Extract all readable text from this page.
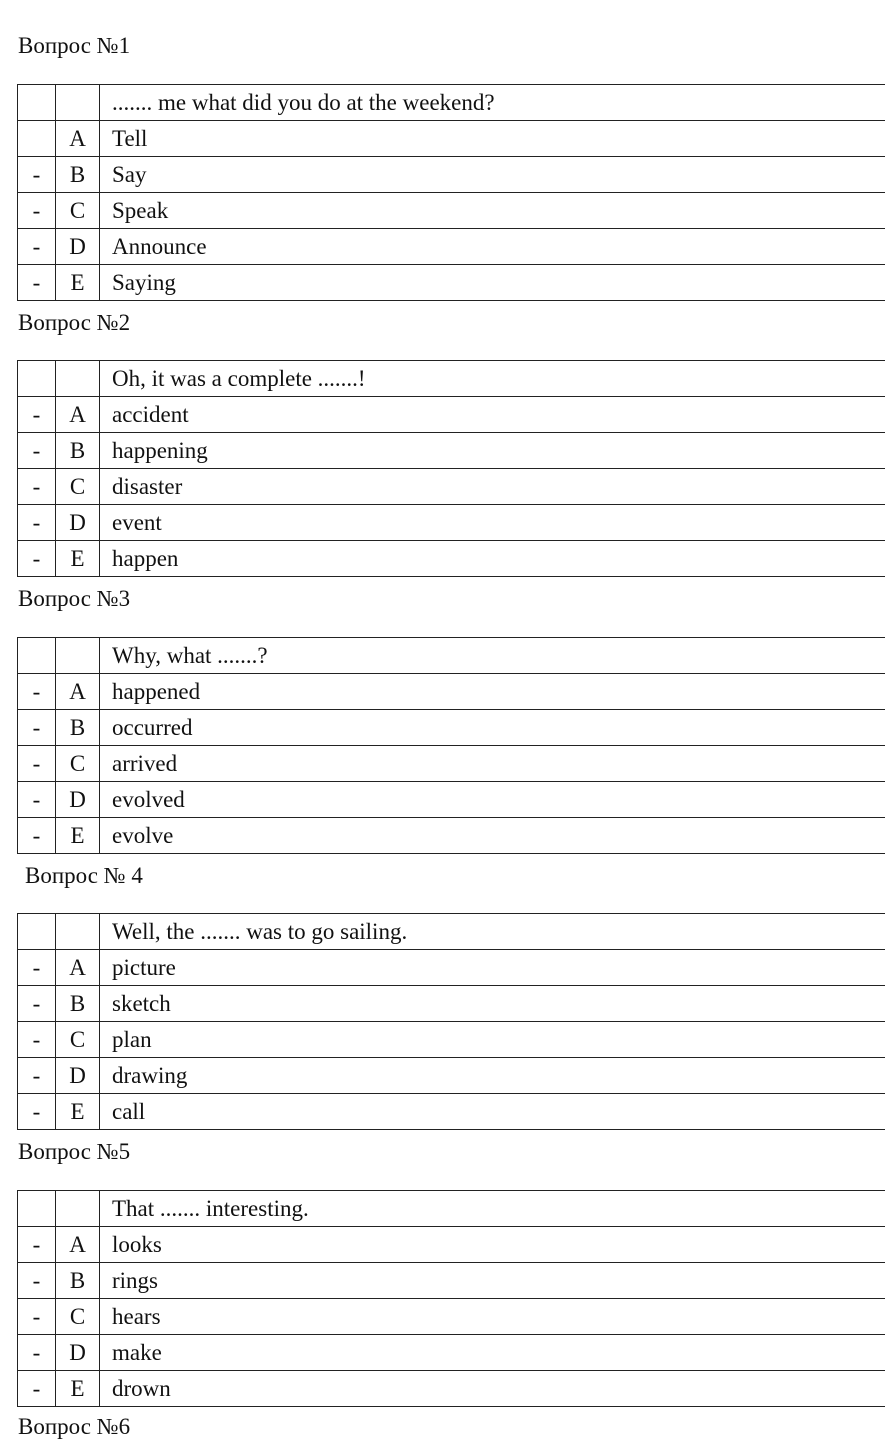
Вопрос №1
		....... me what did you do at the weekend?
	A	Tell
-	B	Say
-	C	Speak
-	D	Announce
-	E	Saying
Вопрос №2
		Oh, it was a complete .......!
-	A	accident
-	B	happening
-	C	disaster
-	D	event
-	E	happen
Вопрос №3
		Why, what .......?
-	A	happened
-	B	occurred
-	C	arrived
-	D	evolved
-	E	evolve
Вопрос № 4
		Well, the ....... was to go sailing.
-	A	picture
-	B	sketch
-	C	plan
-	D	drawing
-	E	call
Вопрос №5
		That ....... interesting.
-	A	looks
-	B	rings
-	C	hears
-	D	make
-	E	drown
Вопрос №6
